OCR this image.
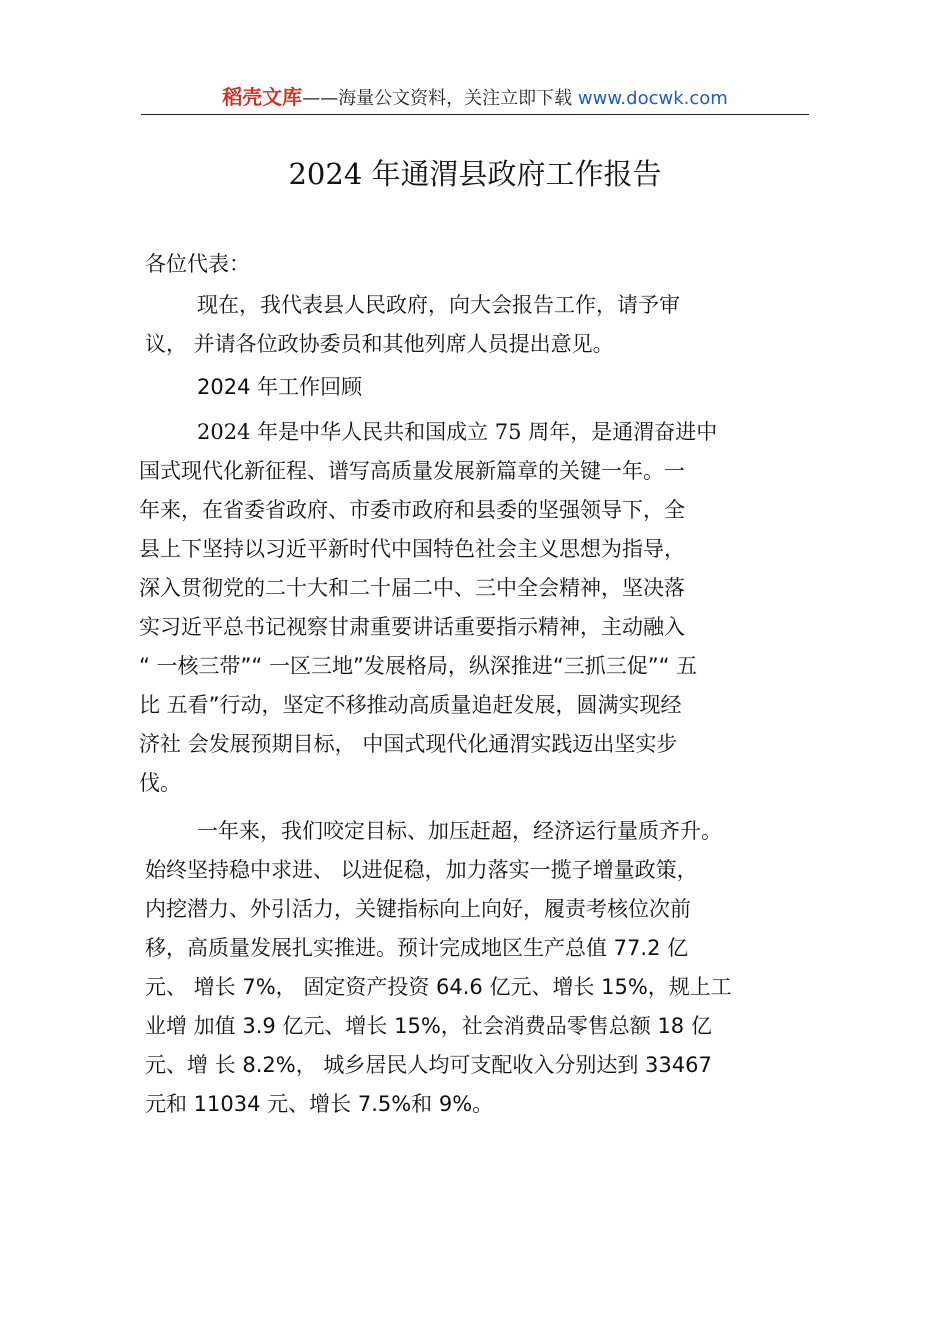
稻壳文库——海量公文资料，关注立即下载 www.docwk.com
2024 年通渭县政府工作报告
各位代表：
现在，我代表县人民政府，向大会报告工作，请予审
议， 并请各位政协委员和其他列席人员提出意见。
2024 年工作回顾
2024 年是中华人民共和国成立 75 周年，是通渭奋进中
国式现代化新征程、谱写高质量发展新篇章的关键一年。一
年来，在省委省政府、市委市政府和县委的坚强领导下，全
县上下坚持以习近平新时代中国特色社会主义思想为指导，
深入贯彻党的二十大和二十届二中、三中全会精神，坚决落
实习近平总书记视察甘肃重要讲话重要指示精神，主动融入
“ 一核三带”“ 一区三地”发展格局，纵深推进“三抓三促”“ 五
比 五看”行动，坚定不移推动高质量追赶发展，圆满实现经
济社 会发展预期目标， 中国式现代化通渭实践迈出坚实步
伐。
一年来，我们咬定目标、加压赶超，经济运行量质齐升。
始终坚持稳中求进、 以进促稳，加力落实一揽子增量政策，
内挖潜力、外引活力，关键指标向上向好，履责考核位次前
移，高质量发展扎实推进。预计完成地区生产总值 77.2 亿
元、 增长 7%， 固定资产投资 64.6 亿元、增长 15%，规上工
业增 加值 3.9 亿元、增长 15%，社会消费品零售总额 18 亿
元、增 长 8.2%， 城乡居民人均可支配收入分别达到 33467
元和 11034 元、增长 7.5%和 9%。
